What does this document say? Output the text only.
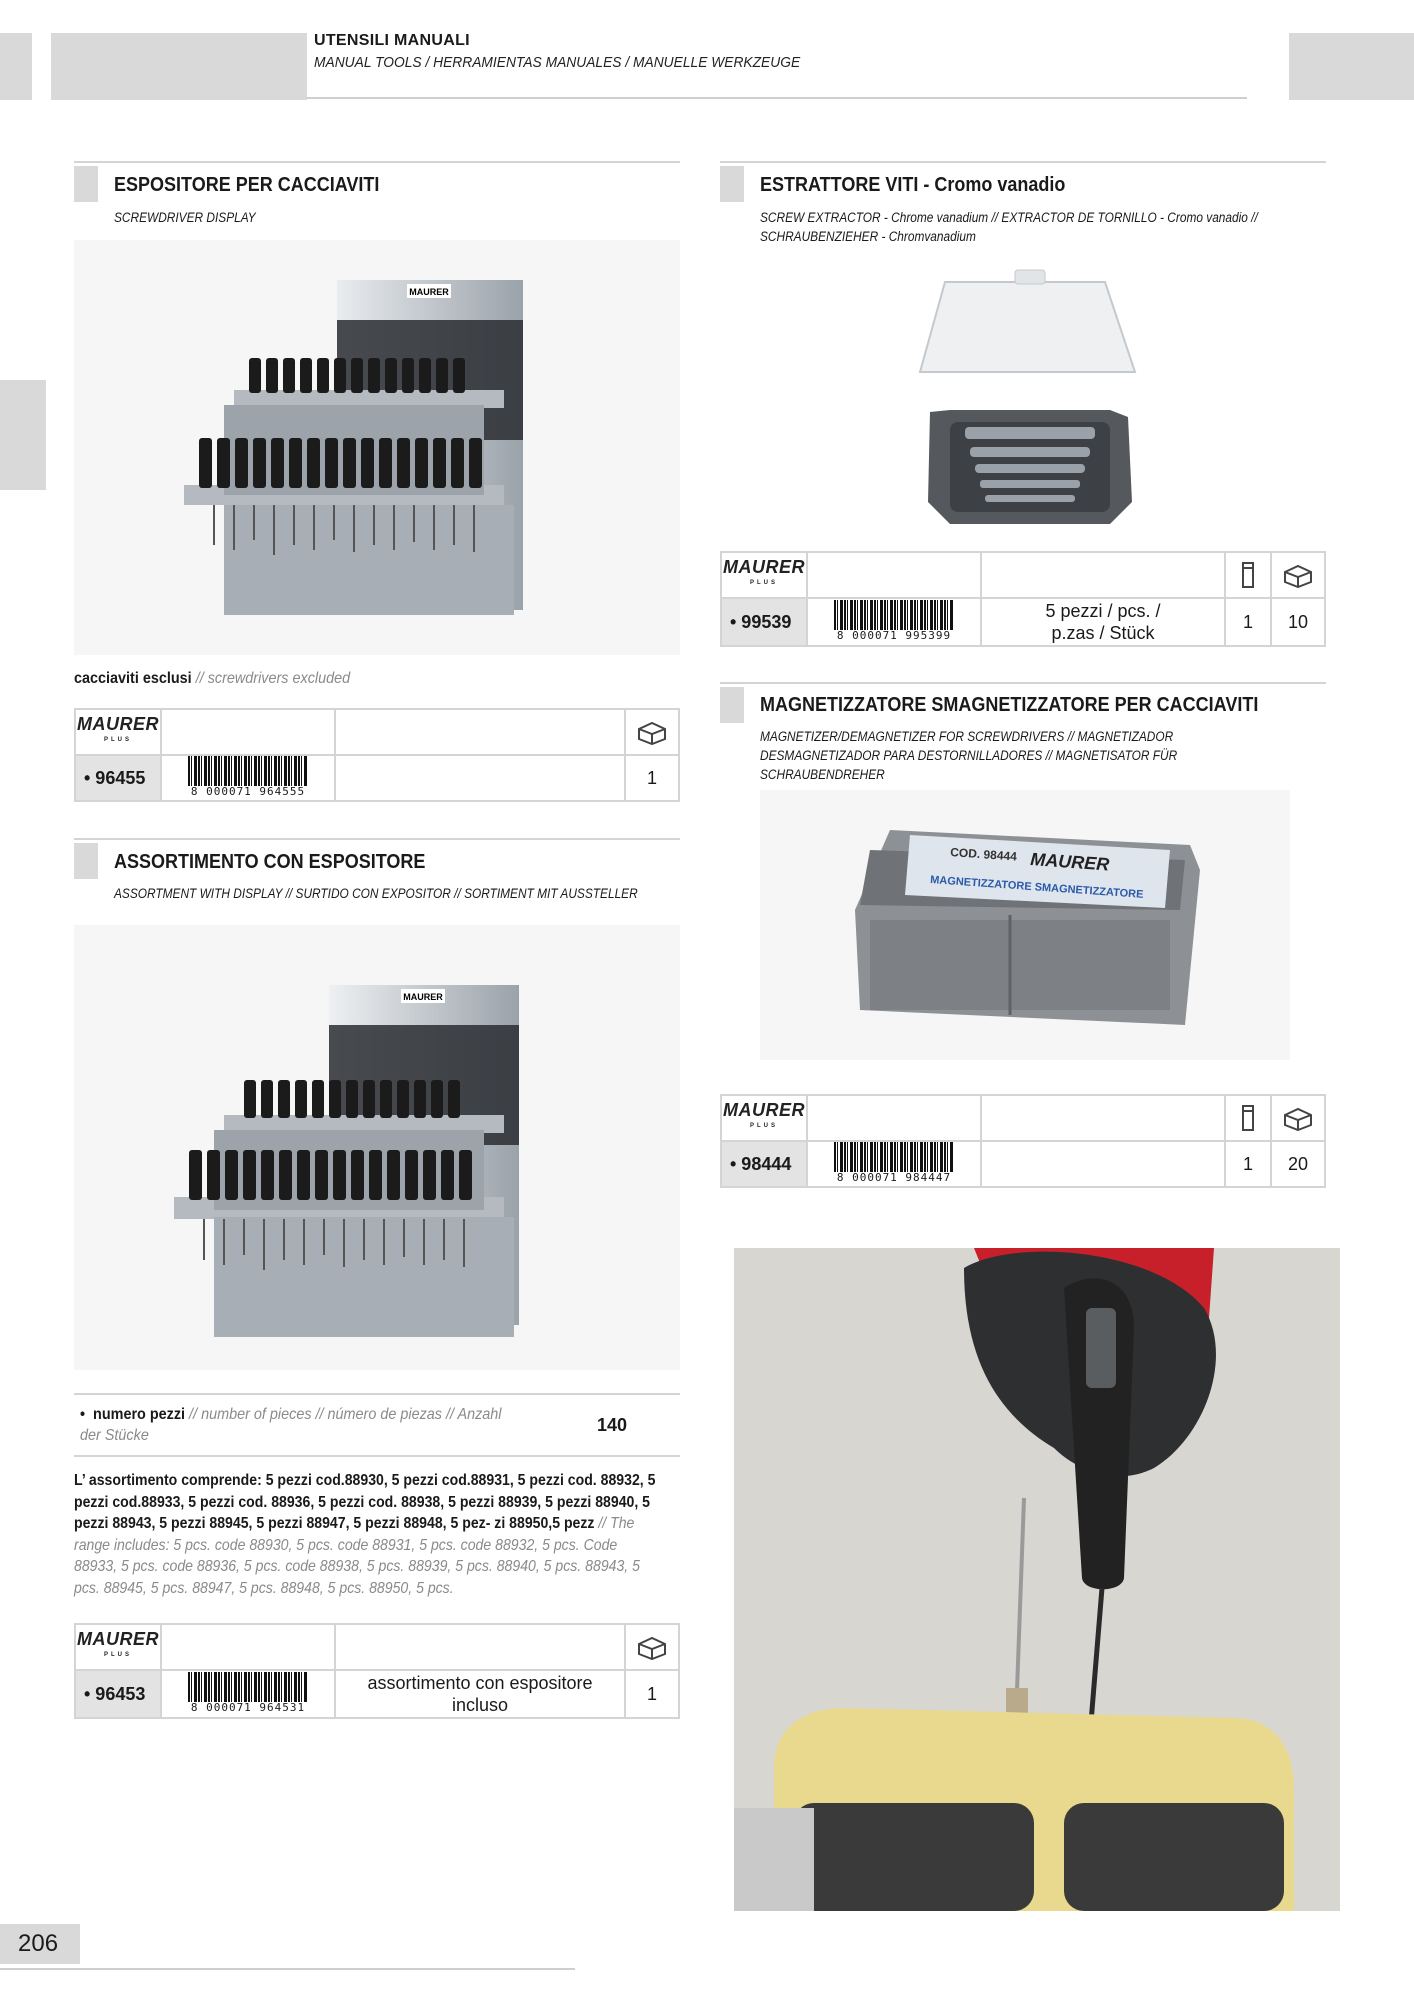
UTENSILI MANUALI
MANUAL TOOLS / HERRAMIENTAS MANUALES / MANUELLE WERKZEUGE
ESPOSITORE PER CACCIAVITI
SCREWDRIVER DISPLAY
MAURER
cacciaviti esclusi // screwdrivers excluded
MAURER
PLUS

• 96455	8 000071 964555		1
ASSORTIMENTO CON ESPOSITORE
ASSORTMENT WITH DISPLAY // SURTIDO CON EXPOSITOR // SORTIMENT MIT AUSSTELLER
MAURER
•  numero pezzi // number of pieces // número de piezas // Anzahl der Stücke
140
L’ assortimento comprende: 5 pezzi cod.88930, 5 pezzi cod.88931, 5 pezzi cod. 88932, 5 pezzi cod.88933, 5 pezzi cod. 88936, 5 pezzi cod. 88938, 5 pezzi 88939, 5 pezzi 88940, 5 pezzi 88943, 5 pezzi 88945, 5 pezzi 88947, 5 pezzi 88948, 5 pez- zi 88950,5 pezz // The range includes: 5 pcs. code 88930, 5 pcs. code 88931, 5 pcs. code 88932, 5 pcs. Code 88933, 5 pcs. code 88936, 5 pcs. code 88938, 5 pcs. 88939, 5 pcs. 88940, 5 pcs. 88943, 5 pcs. 88945, 5 pcs. 88947, 5 pcs. 88948, 5 pcs. 88950, 5 pcs.
MAURER
PLUS

• 96453	8 000071 964531	assortimento con espositore incluso	1
ESTRATTORE VITI - Cromo vanadio
SCREW EXTRACTOR - Chrome vanadium // EXTRACTOR DE TORNILLO - Cromo vanadio // SCHRAUBENZIEHER - Chromvanadium
MAURER
PLUS

• 99539	8 000071 995399	5 pezzi / pcs. / p.zas / Stück	1	10
MAGNETIZZATORE SMAGNETIZZATORE PER CACCIAVITI
MAGNETIZER/DEMAGNETIZER FOR SCREWDRIVERS // MAGNETIZADOR DESMAGNETIZADOR PARA DESTORNILLADORES // MAGNETISATOR FÜR SCHRAUBENDREHER
COD. 98444 MAURER
MAGNETIZZATORE SMAGNETIZZATORE
MAURER
PLUS

• 98444	8 000071 984447		1	20
206
